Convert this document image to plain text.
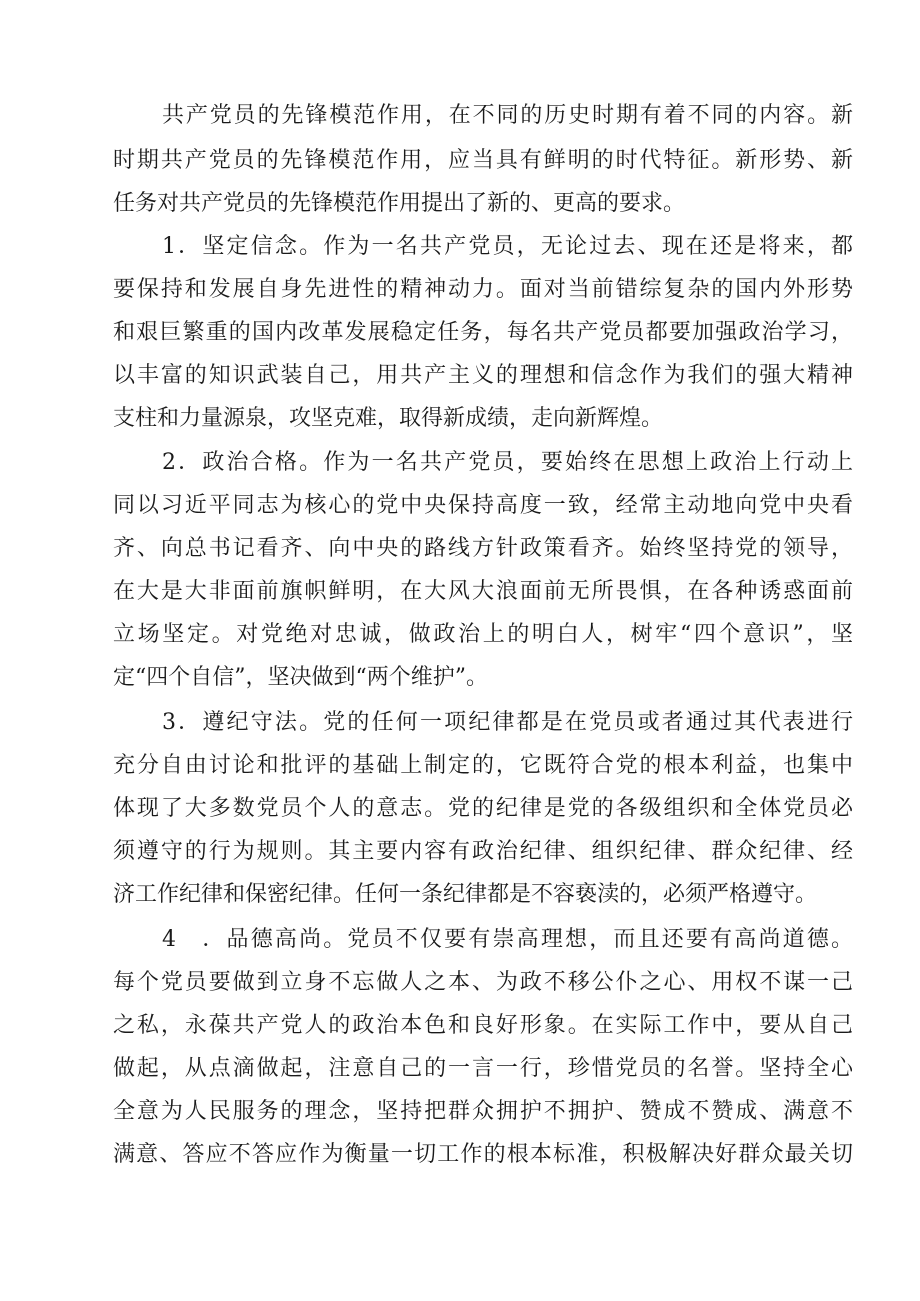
共产党员的先锋模范作用，在不同的历史时期有着不同的内容。新
时期共产党员的先锋模范作用，应当具有鲜明的时代特征。新形势、新
任务对共产党员的先锋模范作用提出了新的、更高的要求。
1．坚定信念。作为一名共产党员，无论过去、现在还是将来，都
要保持和发展自身先进性的精神动力。面对当前错综复杂的国内外形势
和艰巨繁重的国内改革发展稳定任务，每名共产党员都要加强政治学习，
以丰富的知识武装自己，用共产主义的理想和信念作为我们的强大精神
支柱和力量源泉，攻坚克难，取得新成绩，走向新辉煌。
2．政治合格。作为一名共产党员，要始终在思想上政治上行动上
同以习近平同志为核心的党中央保持高度一致，经常主动地向党中央看
齐、向总书记看齐、向中央的路线方针政策看齐。始终坚持党的领导，
在大是大非面前旗帜鲜明，在大风大浪面前无所畏惧，在各种诱惑面前
立场坚定。对党绝对忠诚，做政治上的明白人，树牢“四个意识”，坚
定“四个自信”，坚决做到“两个维护”。
3．遵纪守法。党的任何一项纪律都是在党员或者通过其代表进行
充分自由讨论和批评的基础上制定的，它既符合党的根本利益，也集中
体现了大多数党员个人的意志。党的纪律是党的各级组织和全体党员必
须遵守的行为规则。其主要内容有政治纪律、组织纪律、群众纪律、经
济工作纪律和保密纪律。任何一条纪律都是不容亵渎的，必须严格遵守。
4　．品德高尚。党员不仅要有崇高理想，而且还要有高尚道德。
每个党员要做到立身不忘做人之本、为政不移公仆之心、用权不谋一己
之私，永葆共产党人的政治本色和良好形象。在实际工作中，要从自己
做起，从点滴做起，注意自己的一言一行，珍惜党员的名誉。坚持全心
全意为人民服务的理念，坚持把群众拥护不拥护、赞成不赞成、满意不
满意、答应不答应作为衡量一切工作的根本标准，积极解决好群众最关切
